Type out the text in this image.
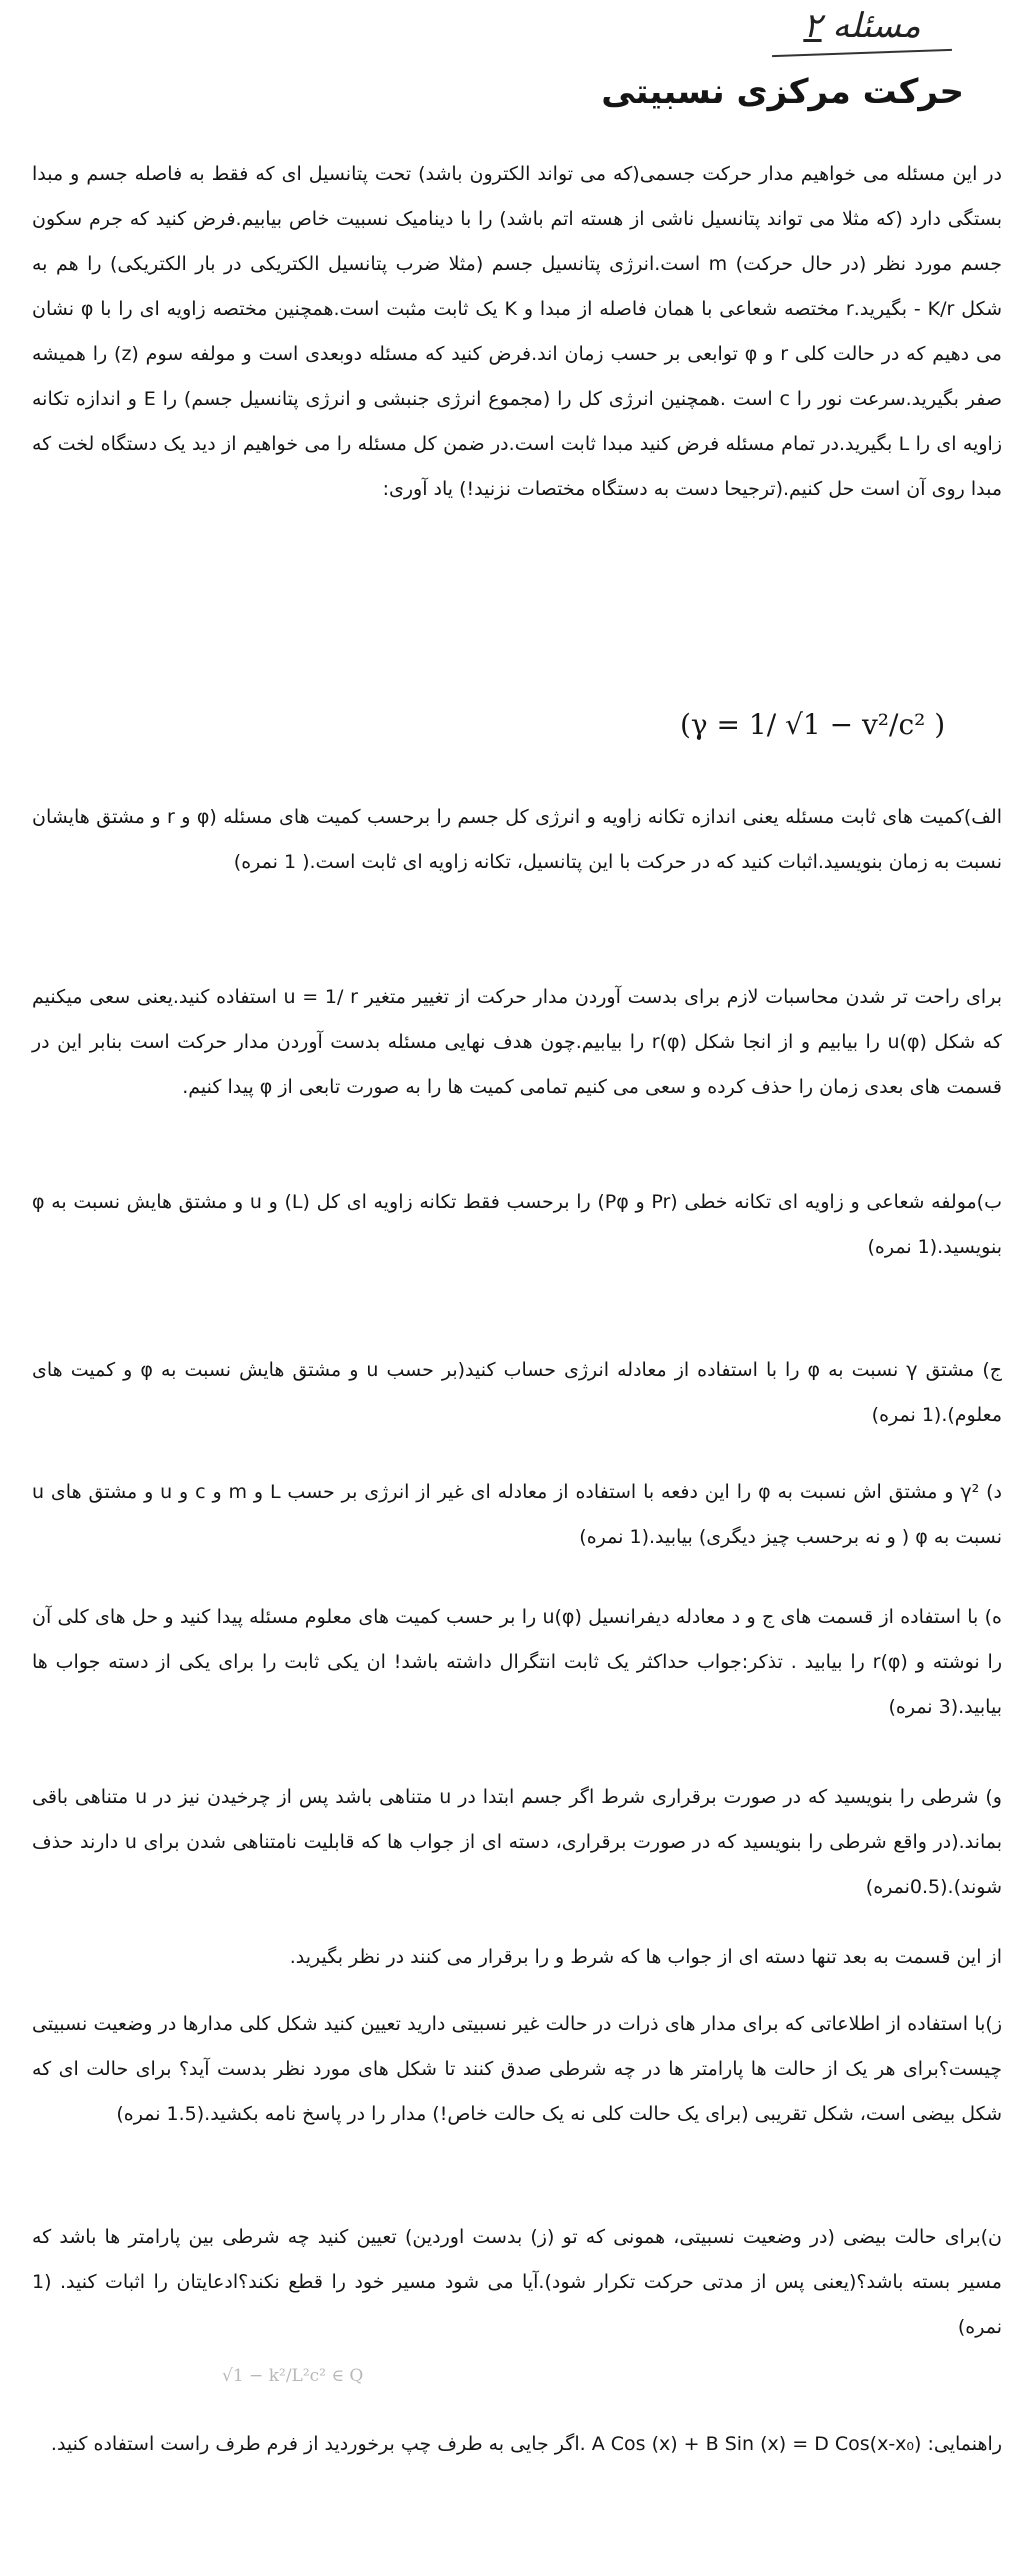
مسئله ۲
حرکت مرکزی نسبیتی

در این مسئله می خواهیم مدار حرکت جسمی(که می تواند الکترون باشد) تحت پتانسیل ای که فقط به فاصله جسم و مبدا بستگی دارد (که مثلا می تواند پتانسیل ناشی از هسته اتم باشد) را با دینامیک نسبیت خاص بیابیم.فرض کنید که جرم سکون جسم مورد نظر (در حال حرکت) m است.انرژی پتانسیل جسم (مثلا ضرب پتانسیل الکتریکی در بار الکتریکی) را هم به شکل K/r - بگیرید.r مختصه شعاعی با همان فاصله از مبدا و K یک ثابت مثبت است.همچنین مختصه زاویه ای را با φ نشان می دهیم که در حالت کلی r و φ توابعی بر حسب زمان اند.فرض کنید که مسئله دوبعدی است و مولفه سوم (z) را همیشه صفر بگیرید.سرعت نور را c است .همچنین انرژی کل را (مجموع انرژی جنبشی و انرژی پتانسیل جسم) را E و اندازه تکانه زاویه ای را L بگیرید.در تمام مسئله فرض کنید مبدا ثابت است.در ضمن کل مسئله را می خواهیم از دید یک دستگاه لخت که مبدا روی آن است حل کنیم.(ترجیحا دست به دستگاه مختصات نزنید!) یاد آوری:

(γ = 1/ √1 − v²/c² )

الف)کمیت های ثابت مسئله یعنی اندازه تکانه زاویه و انرژی کل جسم را برحسب کمیت های مسئله (φ و r و مشتق هایشان نسبت به زمان بنویسید.اثبات کنید که در حرکت با این پتانسیل، تکانه زاویه ای ثابت است.( 1 نمره)

برای راحت تر شدن محاسبات لازم برای بدست آوردن مدار حرکت از تغییر متغیر u = 1/ r استفاده کنید.یعنی سعی میکنیم که شکل u(φ) را بیابیم و از انجا شکل r(φ) را بیابیم.چون هدف نهایی مسئله بدست آوردن مدار حرکت است بنابر این در قسمت های بعدی زمان را حذف کرده و سعی می کنیم تمامی کمیت ها را به صورت تابعی از φ پیدا کنیم.

ب)مولفه شعاعی و زاویه ای تکانه خطی (Pr و Pφ) را برحسب فقط تکانه زاویه ای کل (L) و u و مشتق هایش نسبت به φ بنویسید.(1 نمره)

ج) مشتق γ نسبت به φ را با استفاده از معادله انرژی حساب کنید(بر حسب u و مشتق هایش نسبت به φ و کمیت های معلوم).(1 نمره)

د) γ² و مشتق اش نسبت به φ را این دفعه با استفاده از معادله ای غیر از انرژی بر حسب L و m و c و u و مشتق های u نسبت به φ ( و نه برحسب چیز دیگری) بیابید.(1 نمره)

ه) با استفاده از قسمت های ج و د معادله دیفرانسیل u(φ) را بر حسب کمیت های معلوم مسئله پیدا کنید و حل های کلی آن را نوشته و r(φ) را بیابید . تذکر:جواب حداکثر یک ثابت انتگرال داشته باشد! ان یکی ثابت را برای یکی از دسته جواب ها بیابید.(3 نمره)

و) شرطی را بنویسید که در صورت برقراری شرط اگر جسم ابتدا در u متناهی باشد پس از چرخیدن نیز در u متناهی باقی بماند.(در واقع شرطی را بنویسید که در صورت برقراری، دسته ای از جواب ها که قابلیت نامتناهی شدن برای u دارند حذف شوند).(0.5نمره)

از این قسمت به بعد تنها دسته ای از جواب ها که شرط و را برقرار می کنند در نظر بگیرید.

ز)با استفاده از اطلاعاتی که برای مدار های ذرات در حالت غیر نسبیتی دارید تعیین کنید شکل کلی مدارها در وضعیت نسبیتی چیست؟برای هر یک از حالت ها پارامتر ها در چه شرطی صدق کنند تا شکل های مورد نظر بدست آید؟ برای حالت ای که شکل بیضی است، شکل تقریبی (برای یک حالت کلی نه یک حالت خاص!) مدار را در پاسخ نامه بکشید.(1.5 نمره)

ن)برای حالت بیضی (در وضعیت نسبیتی، همونی که تو (ز) بدست اوردین) تعیین کنید چه شرطی بین پارامتر ها باشد که مسیر بسته باشد؟(یعنی پس از مدتی حرکت تکرار شود).آیا می شود مسیر خود را قطع نکند؟ادعایتان را اثبات کنید. (1 نمره)

√1 − k²/L²c² ∈ Q

راهنمایی: A Cos (x) + B Sin (x) = D Cos(x-x₀) .اگر جایی به طرف چپ برخوردید از فرم طرف راست استفاده کنید.
